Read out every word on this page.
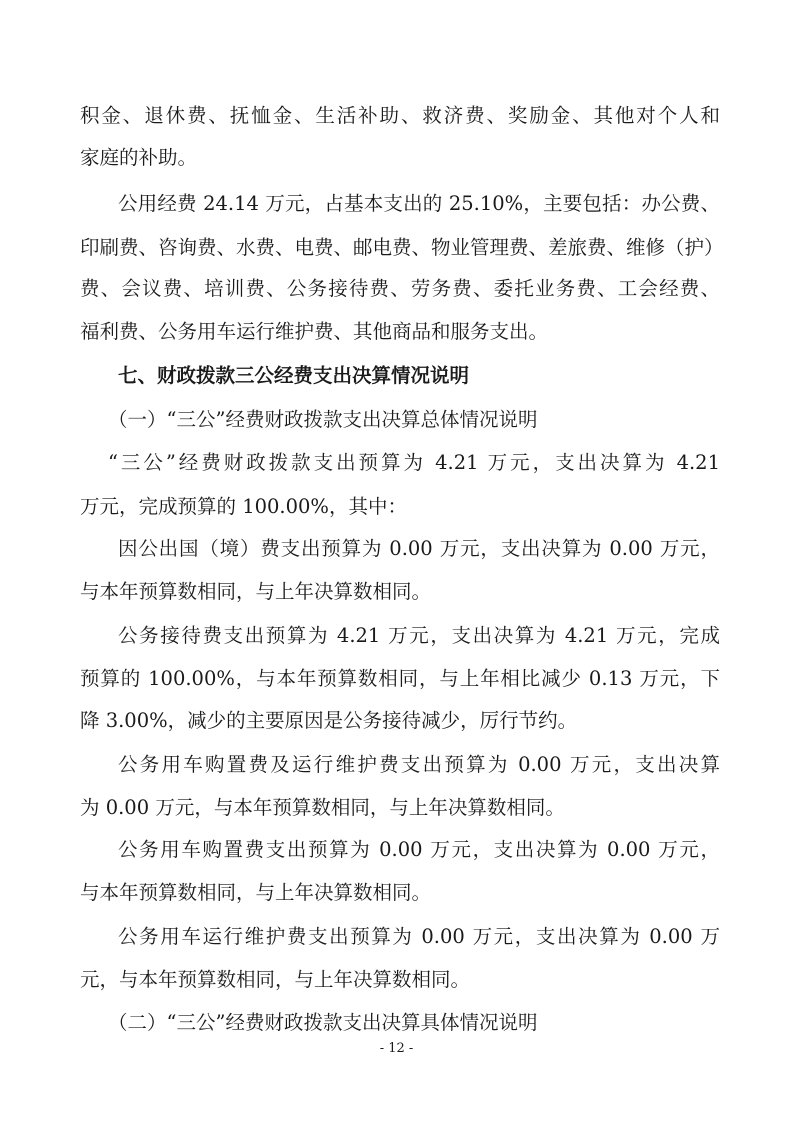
积金、退休费、抚恤金、生活补助、救济费、奖励金、其他对个人和
家庭的补助。
公用经费 24.14 万元，占基本支出的 25.10%，主要包括：办公费、
印刷费、咨询费、水费、电费、邮电费、物业管理费、差旅费、维修（护）
费、会议费、培训费、公务接待费、劳务费、委托业务费、工会经费、
福利费、公务用车运行维护费、其他商品和服务支出。
七、财政拨款三公经费支出决算情况说明
（一）“三公”经费财政拨款支出决算总体情况说明
“三公”经费财政拨款支出预算为 4.21 万元，支出决算为 4.21
万元，完成预算的 100.00%，其中：
因公出国（境）费支出预算为 0.00 万元，支出决算为 0.00 万元，
与本年预算数相同，与上年决算数相同。
公务接待费支出预算为 4.21 万元，支出决算为 4.21 万元，完成
预算的 100.00%，与本年预算数相同，与上年相比减少 0.13 万元，下
降 3.00%，减少的主要原因是公务接待减少，厉行节约。
公务用车购置费及运行维护费支出预算为 0.00 万元，支出决算
为 0.00 万元，与本年预算数相同，与上年决算数相同。
公务用车购置费支出预算为 0.00 万元，支出决算为 0.00 万元，
与本年预算数相同，与上年决算数相同。
公务用车运行维护费支出预算为 0.00 万元，支出决算为 0.00 万
元，与本年预算数相同，与上年决算数相同。
（二）“三公”经费财政拨款支出决算具体情况说明
- 12 -
